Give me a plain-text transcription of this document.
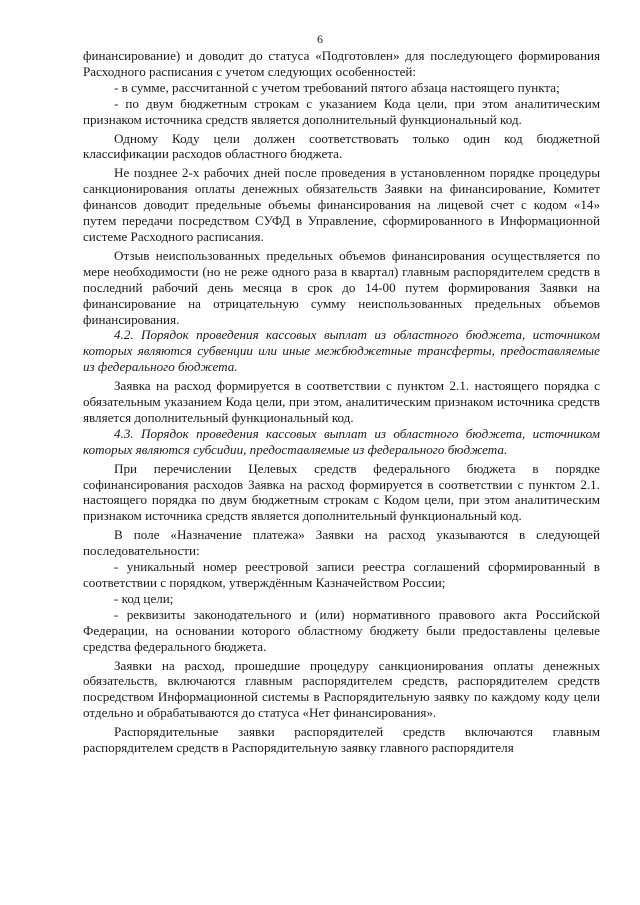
6

финансирование) и доводит до статуса «Подготовлен» для последующего формирования Расходного расписания с учетом следующих особенностей:

- в сумме, рассчитанной с учетом требований пятого абзаца настоящего пункта;

- по двум бюджетным строкам с указанием Кода цели, при этом аналитическим признаком источника средств является дополнительный функциональный код.

Одному Коду цели должен соответствовать только один код бюджетной классификации расходов областного бюджета.

Не позднее 2-х рабочих дней после проведения в установленном порядке процедуры санкционирования оплаты денежных обязательств Заявки на финансирование, Комитет финансов доводит предельные объемы финансирования на лицевой счет с кодом «14» путем передачи посредством СУФД в Управление, сформированного в Информационной системе Расходного расписания.

Отзыв неиспользованных предельных объемов финансирования осуществляется по мере необходимости (но не реже одного раза в квартал) главным распорядителем средств в последний рабочий день месяца в срок до 14-00 путем формирования Заявки на финансирование на отрицательную сумму неиспользованных предельных объемов финансирования.

4.2. Порядок проведения кассовых выплат из областного бюджета, источником которых являются субвенции или иные межбюджетные трансферты, предоставляемые из федерального бюджета.

Заявка на расход формируется в соответствии с пунктом 2.1. настоящего порядка с обязательным указанием Кода цели, при этом, аналитическим признаком источника средств является дополнительный функциональный код.

4.3. Порядок проведения кассовых выплат из областного бюджета, источником которых являются субсидии, предоставляемые из федерального бюджета.

При перечислении Целевых средств федерального бюджета в порядке софинансирования расходов Заявка на расход формируется в соответствии с пунктом 2.1. настоящего порядка по двум бюджетным строкам с Кодом цели, при этом аналитическим признаком источника средств является дополнительный функциональный код.

В поле «Назначение платежа» Заявки на расход указываются в следующей последовательности:

- уникальный номер реестровой записи реестра соглашений сформированный в соответствии с порядком, утверждённым Казначейством России;

- код цели;

- реквизиты законодательного и (или) нормативного правового акта Российской Федерации, на основании которого областному бюджету были предоставлены целевые средства федерального бюджета.

Заявки на расход, прошедшие процедуру санкционирования оплаты денежных обязательств, включаются главным распорядителем средств, распорядителем средств посредством Информационной системы в Распорядительную заявку по каждому коду цели отдельно и обрабатываются до статуса «Нет финансирования».

Распорядительные заявки распорядителей средств включаются главным распорядителем средств в Распорядительную заявку главного распорядителя
